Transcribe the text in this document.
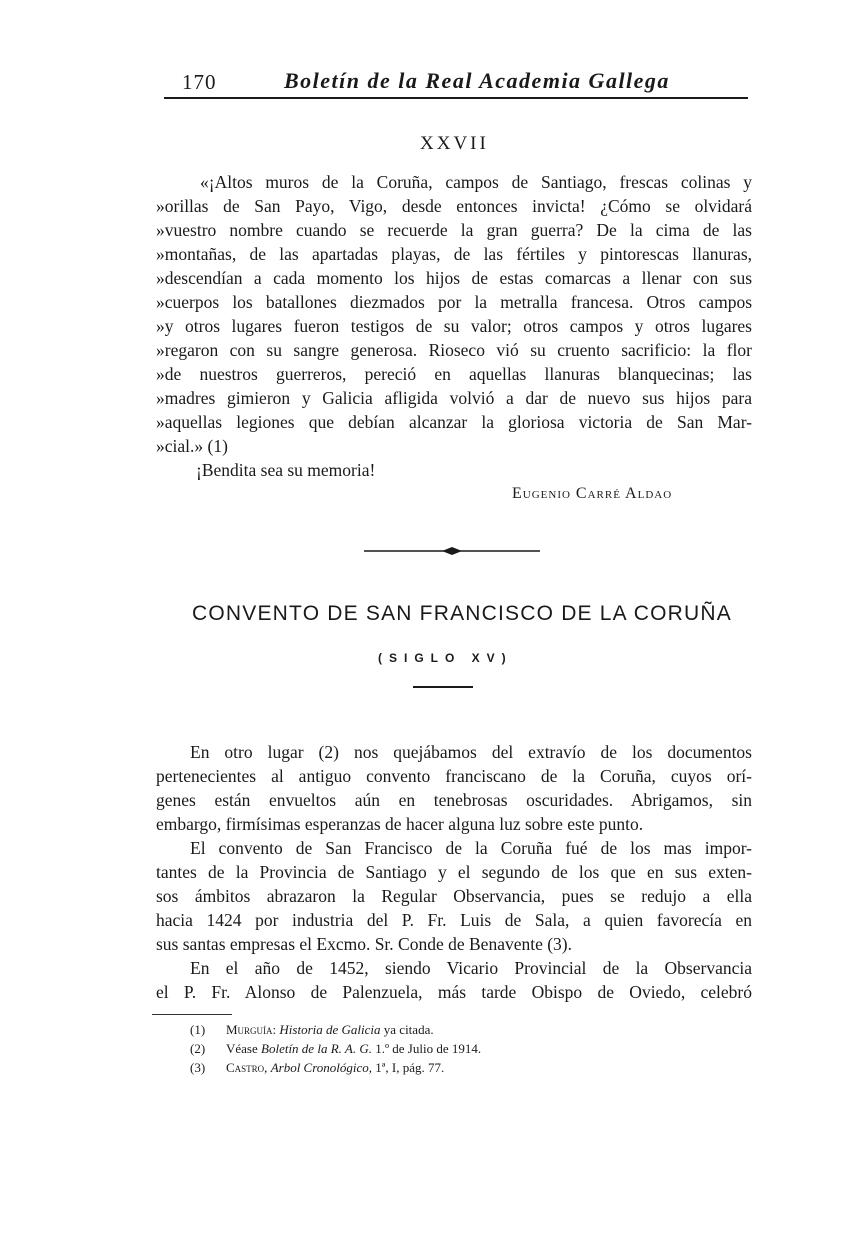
170	Boletín de la Real Academia Gallega
XXVII
«¡Altos muros de la Coruña, campos de Santiago, frescas colinas y
»orillas de San Payo, Vigo, desde entonces invicta! ¿Cómo se olvidará
»vuestro nombre cuando se recuerde la gran guerra? De la cima de las
»montañas, de las apartadas playas, de las fértiles y pintorescas llanuras,
»descendían a cada momento los hijos de estas comarcas a llenar con sus
»cuerpos los batallones diezmados por la metralla francesa. Otros campos
»y otros lugares fueron testigos de su valor; otros campos y otros lugares
»regaron con su sangre generosa. Rioseco vió su cruento sacrificio: la flor
»de nuestros guerreros, pereció en aquellas llanuras blanquecinas; las
»madres gimieron y Galicia afligida volvió a dar de nuevo sus hijos para
»aquellas legiones que debían alcanzar la gloriosa victoria de San Mar-
»cial.» (1)
¡Bendita sea su memoria!
Eugenio Carré Aldao
CONVENTO DE SAN FRANCISCO DE LA CORUÑA
(SIGLO XV)
En otro lugar (2) nos quejábamos del extravío de los documentos
pertenecientes al antiguo convento franciscano de la Coruña, cuyos orí-
genes están envueltos aún en tenebrosas oscuridades. Abrigamos, sin
embargo, firmísimas esperanzas de hacer alguna luz sobre este punto.
El convento de San Francisco de la Coruña fué de los mas impor-
tantes de la Provincia de Santiago y el segundo de los que en sus exten-
sos ámbitos abrazaron la Regular Observancia, pues se redujo a ella
hacia 1424 por industria del P. Fr. Luis de Sala, a quien favorecía en
sus santas empresas el Excmo. Sr. Conde de Benavente (3).
En el año de 1452, siendo Vicario Provincial de la Observancia
el P. Fr. Alonso de Palenzuela, más tarde Obispo de Oviedo, celebró
(1) Murguía: Historia de Galicia ya citada.
(2) Véase Boletín de la R. A. G. 1.º de Julio de 1914.
(3) Castro, Arbol Cronológico, 1ª, I, pág. 77.
